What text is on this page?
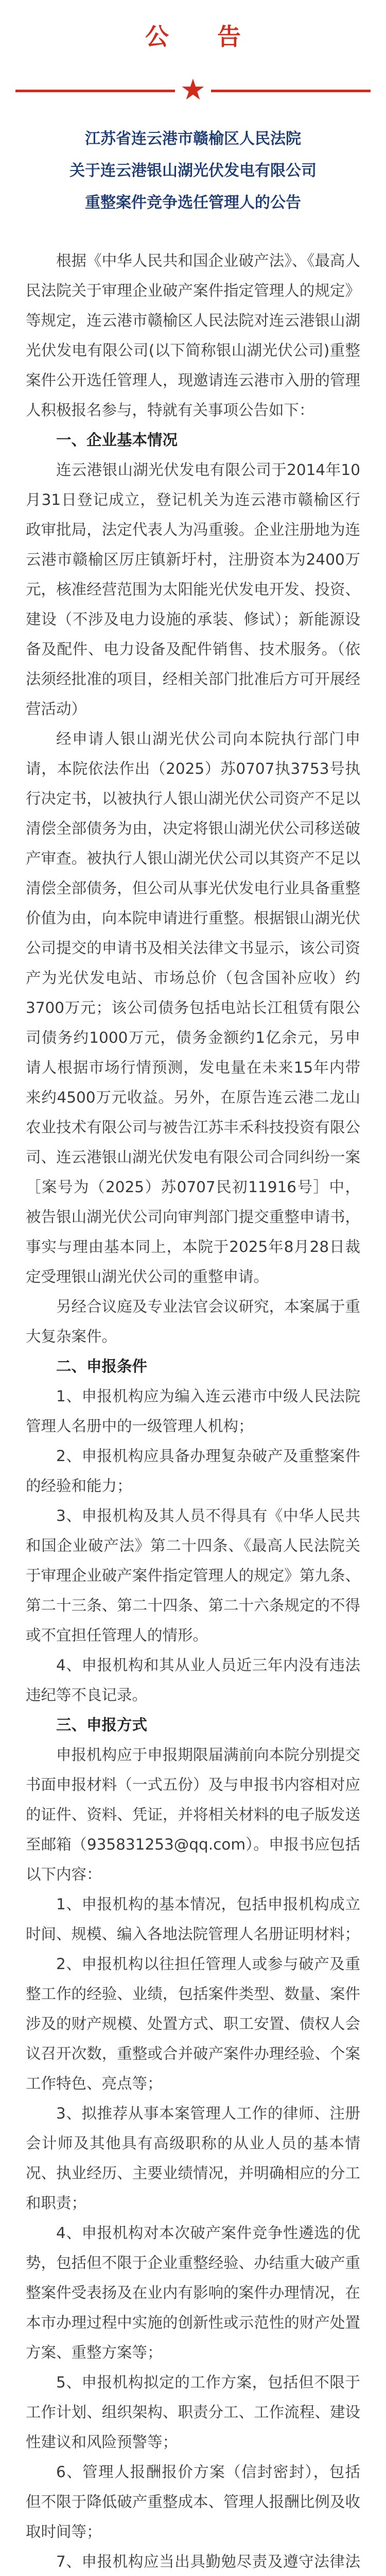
公　告
★
江苏省连云港市赣榆区人民法院
关于连云港银山湖光伏发电有限公司
重整案件竞争选任管理人的公告

根据《中华人民共和国企业破产法》、《最高人民法院关于审理企业破产案件指定管理人的规定》等规定，连云港市赣榆区人民法院对连云港银山湖光伏发电有限公司(以下简称银山湖光伏公司)重整案件公开选任管理人，现邀请连云港市入册的管理人积极报名参与，特就有关事项公告如下：

一、企业基本情况

连云港银山湖光伏发电有限公司于2014年10月31日登记成立，登记机关为连云港市赣榆区行政审批局，法定代表人为冯重骏。企业注册地为连云港市赣榆区厉庄镇新圩村，注册资本为2400万元，核准经营范围为太阳能光伏发电开发、投资、建设（不涉及电力设施的承装、修试）；新能源设备及配件、电力设备及配件销售、技术服务。（依法须经批准的项目，经相关部门批准后方可开展经营活动）

经申请人银山湖光伏公司向本院执行部门申请，本院依法作出（2025）苏0707执3753号执行决定书，以被执行人银山湖光伏公司资产不足以清偿全部债务为由，决定将银山湖光伏公司移送破产审查。被执行人银山湖光伏公司以其资产不足以清偿全部债务，但公司从事光伏发电行业具备重整价值为由，向本院申请进行重整。根据银山湖光伏公司提交的申请书及相关法律文书显示，该公司资产为光伏发电站、市场总价（包含国补应收）约3700万元；该公司债务包括电站长江租赁有限公司债务约1000万元，债务金额约1亿余元，另申请人根据市场行情预测，发电量在未来15年内带来约4500万元收益。另外，在原告连云港二龙山农业技术有限公司与被告江苏丰禾科技投资有限公司、连云港银山湖光伏发电有限公司合同纠纷一案［案号为（2025）苏0707民初11916号］中，被告银山湖光伏公司向审判部门提交重整申请书，事实与理由基本同上，本院于2025年8月28日裁定受理银山湖光伏公司的重整申请。

另经合议庭及专业法官会议研究，本案属于重大复杂案件。

二、申报条件

1、申报机构应为编入连云港市中级人民法院管理人名册中的一级管理人机构；

2、申报机构应具备办理复杂破产及重整案件的经验和能力；

3、申报机构及其人员不得具有《中华人民共和国企业破产法》第二十四条、《最高人民法院关于审理企业破产案件指定管理人的规定》第九条、第二十三条、第二十四条、第二十六条规定的不得或不宜担任管理人的情形。

4、申报机构和其从业人员近三年内没有违法违纪等不良记录。

三、申报方式

申报机构应于申报期限届满前向本院分别提交书面申报材料（一式五份）及与申报书内容相对应的证件、资料、凭证，并将相关材料的电子版发送至邮箱（935831253@qq.com）。申报书应包括以下内容：

1、申报机构的基本情况，包括申报机构成立时间、规模、编入各地法院管理人名册证明材料；

2、申报机构以往担任管理人或参与破产及重整工作的经验、业绩，包括案件类型、数量、案件涉及的财产规模、处置方式、职工安置、债权人会议召开次数，重整或合并破产案件办理经验、个案工作特色、亮点等；

3、拟推荐从事本案管理人工作的律师、注册会计师及其他具有高级职称的从业人员的基本情况、执业经历、主要业绩情况，并明确相应的分工和职责；

4、申报机构对本次破产案件竞争性遴选的优势，包括但不限于企业重整经验、办结重大破产重整案件受表扬及在业内有影响的案件办理情况，在本市办理过程中实施的创新性或示范性的财产处置方案、重整方案等；

5、申报机构拟定的工作方案，包括但不限于工作计划、组织架构、职责分工、工作流程、建设性建议和风险预警等；

6、管理人报酬报价方案（信封密封），包括但不限于降低破产重整成本、管理人报酬比例及收取时间等；

7、申报机构应当出具勤勉尽责及遵守法律法
